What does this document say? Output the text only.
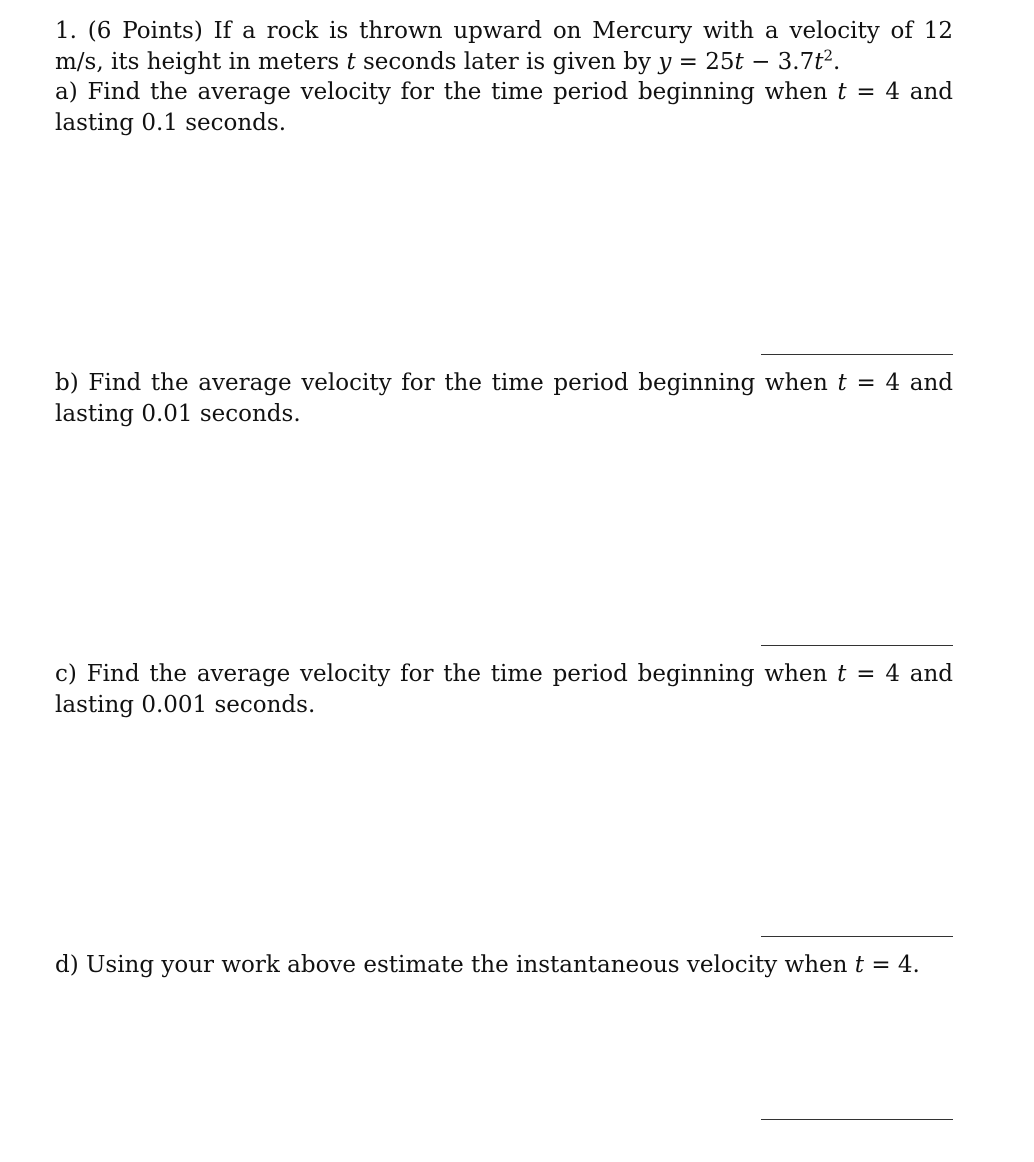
1. (6 Points) If a rock is thrown upward on Mercury with a velocity of 12 m/s, its height in meters t seconds later is given by $y = 25t - 3.7t^2$.

a) Find the average velocity for the time period beginning when t = 4 and lasting 0.1 seconds.

b) Find the average velocity for the time period beginning when t = 4 and lasting 0.01 seconds.

c) Find the average velocity for the time period beginning when t = 4 and lasting 0.001 seconds.

d) Using your work above estimate the instantaneous velocity when t = 4.
